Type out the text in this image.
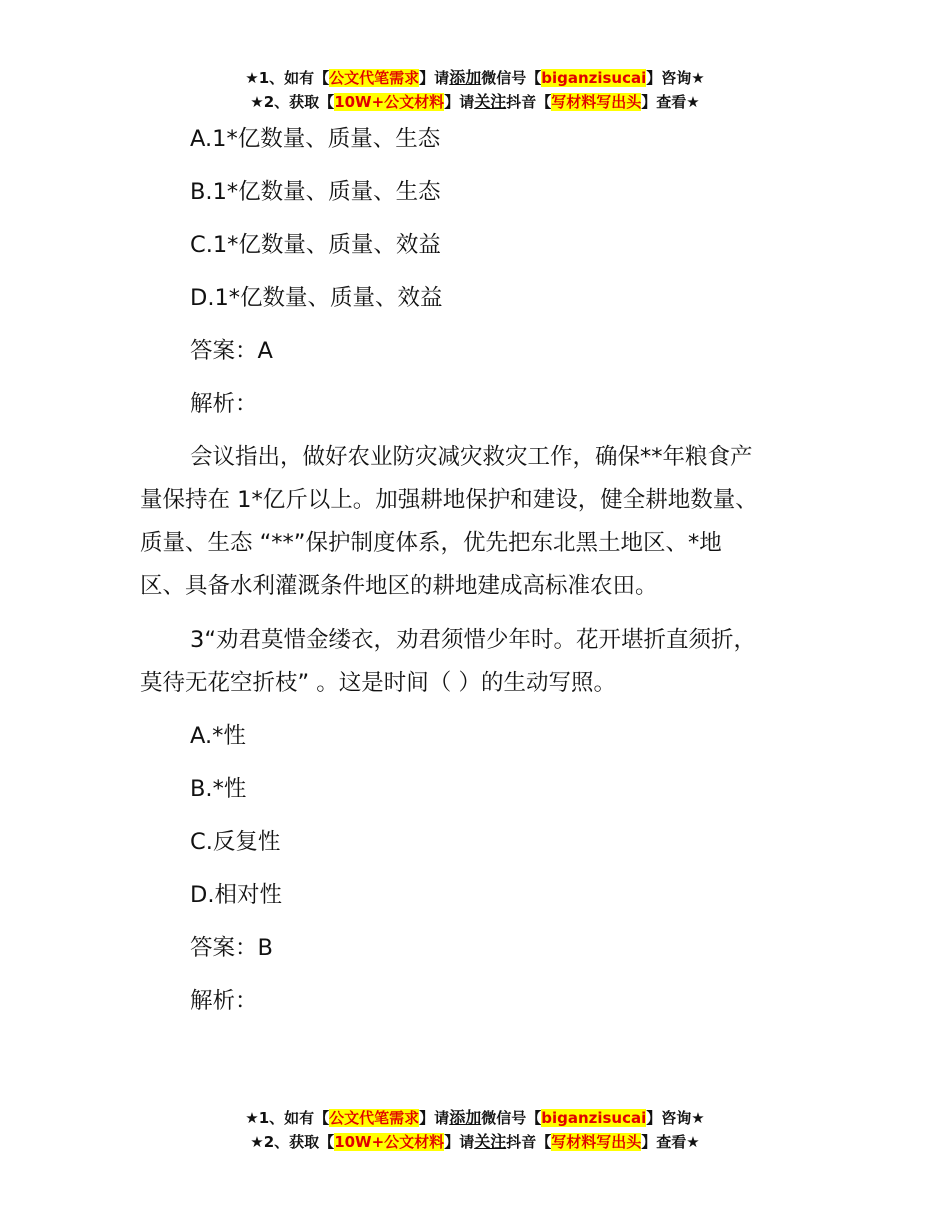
★1、如有【公文代笔需求】请添加微信号【biganzisucai】咨询★
★2、获取【10W+公文材料】请关注抖音【写材料写出头】查看★
A.1*亿数量、质量、生态
B.1*亿数量、质量、生态
C.1*亿数量、质量、效益
D.1*亿数量、质量、效益
答案：A
解析：
会议指出，做好农业防灾减灾救灾工作，确保**年粮食产
量保持在 1*亿斤以上。加强耕地保护和建设，健全耕地数量、
质量、生态 “**”保护制度体系，优先把东北黑土地区、*地
区、具备水利灌溉条件地区的耕地建成高标准农田。
3“劝君莫惜金缕衣，劝君须惜少年时。花开堪折直须折，
莫待无花空折枝” 。这是时间（ ）的生动写照。
A.*性
B.*性
C.反复性
D.相对性
答案：B
解析：
★1、如有【公文代笔需求】请添加微信号【biganzisucai】咨询★
★2、获取【10W+公文材料】请关注抖音【写材料写出头】查看★
